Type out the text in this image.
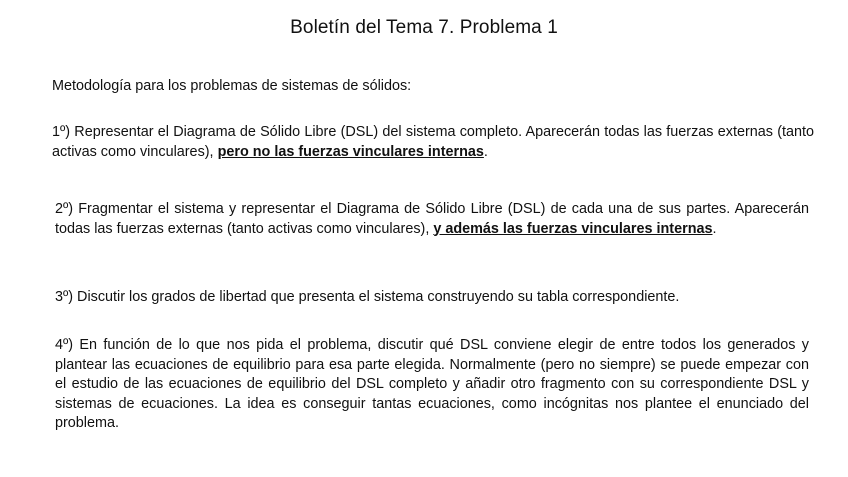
Boletín del Tema 7. Problema 1

Metodología para los problemas de sistemas de sólidos:

1º) Representar el Diagrama de Sólido Libre (DSL) del sistema completo. Aparecerán todas las fuerzas externas (tanto activas como vinculares), pero no las fuerzas vinculares internas.

2º) Fragmentar el sistema y representar el Diagrama de Sólido Libre (DSL) de cada una de sus partes. Aparecerán todas las fuerzas externas (tanto activas como vinculares), y además las fuerzas vinculares internas.

3º) Discutir los grados de libertad que presenta el sistema construyendo su tabla correspondiente.

4º) En función de lo que nos pida el problema, discutir qué DSL conviene elegir de entre todos los generados y plantear las ecuaciones de equilibrio para esa parte elegida. Normalmente (pero no siempre) se puede empezar con el estudio de las ecuaciones de equilibrio del DSL completo y añadir otro fragmento con su correspondiente DSL y sistemas de ecuaciones. La idea es conseguir tantas ecuaciones, como incógnitas nos plantee el enunciado del problema.
